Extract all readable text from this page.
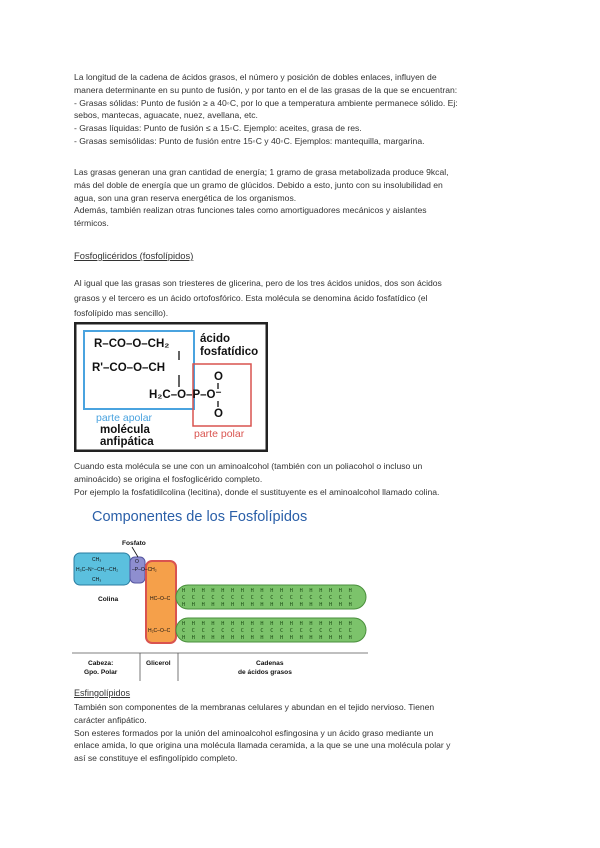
La longitud de la cadena de ácidos grasos, el número y posición de dobles enlaces, influyen de
manera determinante en su punto de fusión, y por tanto en el de las grasas de la que se encuentran:
- Grasas sólidas: Punto de fusión ≥ a 40◦C, por lo que a temperatura ambiente permanece sólido. Ej:
sebos, mantecas, aguacate, nuez, avellana, etc.
- Grasas líquidas: Punto de fusión ≤ a 15◦C. Ejemplo: aceites, grasa de res.
- Grasas semisólidas: Punto de fusión entre 15◦C y 40◦C. Ejemplos: mantequilla, margarina.
Las grasas generan una gran cantidad de energía; 1 gramo de grasa metabolizada produce 9kcal,
más del doble de energía que un gramo de glúcidos. Debido a esto, junto con su insolubilidad en
agua, son una gran reserva energética de los organismos.
Además, también realizan otras funciones tales como amortiguadores mecánicos y aislantes
térmicos.
Fosfoglicéridos (fosfolípidos)
Al igual que las grasas son triesteres de glicerina, pero de los tres ácidos unidos, dos son ácidos
grasos y el tercero es un ácido ortofosfórico. Esta molécula se denomina ácido fosfatídico (el
fosfolípido mas sencillo).
R–CO–O–CH₂
R'–CO–O–CH
H₂C–O–P–O⁻
O
O
ácido
fosfatídico
molécula
anfipática
parte apolar
parte polar
Cuando esta molécula se une con un aminoalcohol (también con un poliacohol o incluso un
aminoácido) se origina el fosfoglicérido completo.
Por ejemplo la fosfatidilcolina (lecitina), donde el sustituyente es el aminoalcohol llamado colina.
Componentes de los Fosfolípidos
H
C
H
H
C
H
H
C
H
H
C
H
H
C
H
H
C
H
H
C
H
H
C
H
H
C
H
H
C
H
H
C
H
H
C
H
H
C
H
H
C
H
H
C
H
H
C
H
H
C
H
H
C
H
H
C
H
H
C
H
H
C
H
H
C
H
H
C
H
H
C
H
H
C
H
H
C
H
H
C
H
H
C
H
H
C
H
H
C
H
H
C
H
H
C
H
H
C
H
H
C
H
H
C
H
H
C
H
CH₃
H₃C–N⁺–CH₂–CH₂
CH₃
O
–P–O–CH₂
HC–O–C
H₂C–O–C
Fosfato
Colina
Cabeza:
Gpo. Polar
Glicerol	Cadenas
de ácidos grasos
Esfingolípidos
También son componentes de la membranas celulares y abundan en el tejido nervioso. Tienen
carácter anfipático.
Son esteres formados por la unión del aminoalcohol esfingosina y un ácido graso mediante un
enlace amida, lo que origina una molécula llamada ceramida, a la que se une una molécula polar y
así se constituye el esfingolípido completo.
